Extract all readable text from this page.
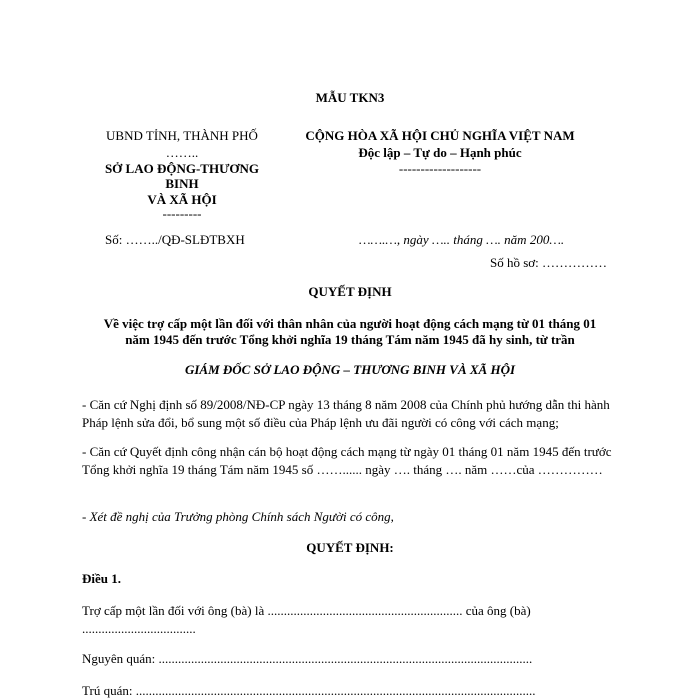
MẪU TKN3
UBND TỈNH, THÀNH PHỐ
……..
SỞ LAO ĐỘNG-THƯƠNG
BINH
VÀ XÃ HỘI
---------
Số: ……../QĐ-SLĐTBXH
CỘNG HÒA XÃ HỘI CHỦ NGHĨA VIỆT NAM
Độc lập – Tự do – Hạnh phúc
-------------------
…….…, ngày ….. tháng …. năm 200….
Số hồ sơ: ……………
QUYẾT ĐỊNH
Về việc trợ cấp một lần đối với thân nhân của người hoạt động cách mạng từ 01 tháng 01
năm 1945 đến trước Tổng khởi nghĩa 19 tháng Tám năm 1945 đã hy sinh, từ trần
GIÁM ĐỐC SỞ LAO ĐỘNG – THƯƠNG BINH VÀ XÃ HỘI
- Căn cứ Nghị định số 89/2008/NĐ-CP ngày 13 tháng 8 năm 2008 của Chính phủ hướng dẫn thi hành Pháp lệnh sửa đổi, bổ sung một số điều của Pháp lệnh ưu đãi người có công với cách mạng;
- Căn cứ Quyết định công nhận cán bộ hoạt động cách mạng từ ngày 01 tháng 01 năm 1945 đến trước Tổng khởi nghĩa 19 tháng Tám năm 1945 số ……...... ngày …. tháng …. năm ……của ……………
- Xét đề nghị của Trưởng phòng Chính sách Người có công,
QUYẾT ĐỊNH:
Điều 1.
Trợ cấp một lần đối với ông (bà) là ............................................................ của ông (bà) ...................................
Nguyên quán: ...................................................................................................................
Trú quán: ...........................................................................................................................
